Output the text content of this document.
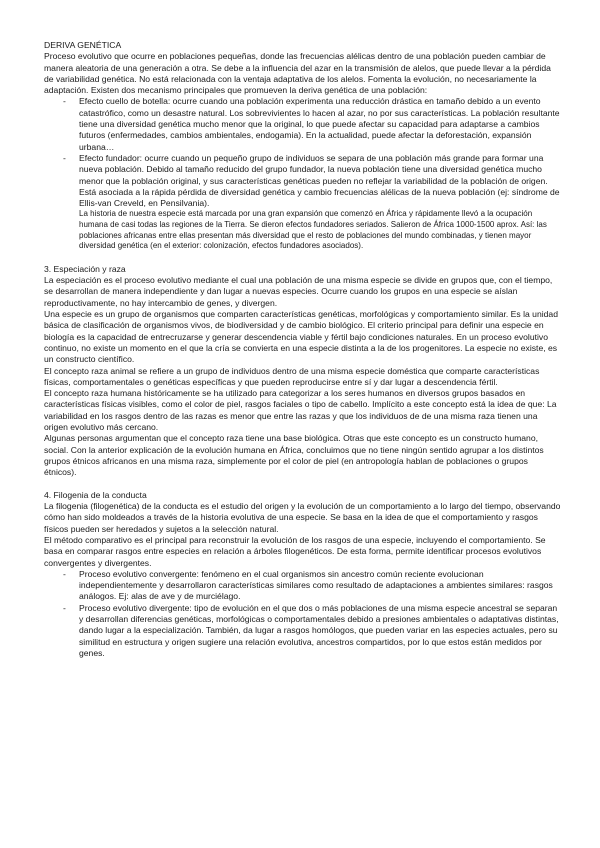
DERIVA GENÉTICA

Proceso evolutivo que ocurre en poblaciones pequeñas, donde las frecuencias alélicas dentro de una población pueden cambiar de manera aleatoria de una generación a otra. Se debe a la influencia del azar en la transmisión de alelos, que puede llevar a la pérdida de variabilidad genética. No está relacionada con la ventaja adaptativa de los alelos. Fomenta la evolución, no necesariamente la adaptación. Existen dos mecanismo principales que promueven la deriva genética de una población:

- Efecto cuello de botella: ocurre cuando una población experimenta una reducción drástica en tamaño debido a un evento catastrófico, como un desastre natural. Los sobrevivientes lo hacen al azar, no por sus características. La población resultante tiene una diversidad genética mucho menor que la original, lo que puede afectar su capacidad para adaptarse a cambios futuros (enfermedades, cambios ambientales, endogamia). En la actualidad, puede afectar la deforestación, expansión urbana…
- Efecto fundador: ocurre cuando un pequeño grupo de individuos se separa de una población más grande para formar una nueva población. Debido al tamaño reducido del grupo fundador, la nueva población tiene una diversidad genética mucho menor que la población original, y sus características genéticas pueden no reflejar la variabilidad de la población de origen. Está asociada a la rápida pérdida de diversidad genética y cambio frecuencias alélicas de la nueva población (ej: síndrome de Ellis-van Creveld, en Pensilvania).

La historia de nuestra especie está marcada por una gran expansión que comenzó en África y rápidamente llevó a la ocupación humana de casi todas las regiones de la Tierra. Se dieron efectos fundadores seriados. Salieron de África 1000-1500 aprox. Así: las poblaciones africanas entre ellas presentan más diversidad que el resto de poblaciones del mundo combinadas, y tienen mayor diversidad genética (en el exterior: colonización, efectos fundadores asociados).

3. Especiación y raza

La especiación es el proceso evolutivo mediante el cual una población de una misma especie se divide en grupos que, con el tiempo, se desarrollan de manera independiente y dan lugar a nuevas especies. Ocurre cuando los grupos en una especie se aíslan reproductivamente, no hay intercambio de genes, y divergen.

Una especie es un grupo de organismos que comparten características genéticas, morfológicas y comportamiento similar. Es la unidad básica de clasificación de organismos vivos, de biodiversidad y de cambio biológico. El criterio principal para definir una especie en biología es la capacidad de entrecruzarse y generar descendencia viable y fértil bajo condiciones naturales. En un proceso evolutivo continuo, no existe un momento en el que la cría se convierta en una especie distinta a la de los progenitores. La especie no existe, es un constructo científico.

El concepto raza animal se refiere a un grupo de individuos dentro de una misma especie doméstica que comparte características físicas, comportamentales o genéticas específicas y que pueden reproducirse entre sí y dar lugar a descendencia fértil.

El concepto raza humana históricamente se ha utilizado para categorizar a los seres humanos en diversos grupos basados en características físicas visibles, como el color de piel, rasgos faciales o tipo de cabello. Implícito a este concepto está la idea de que: La variabilidad en los rasgos dentro de las razas es menor que entre las razas y que los individuos de de una misma raza tienen una origen evolutivo más cercano.

Algunas personas argumentan que el concepto raza tiene una base biológica. Otras que este concepto es un constructo humano, social. Con la anterior explicación de la evolución humana en África, concluimos que no tiene ningún sentido agrupar a los distintos grupos étnicos africanos en una misma raza, simplemente por el color de piel (en antropología hablan de poblaciones o grupos étnicos).

4. Filogenia de la conducta

La filogenia (filogenética) de la conducta es el estudio del origen y la evolución de un comportamiento a lo largo del tiempo, observando cómo han sido moldeados a través de la historia evolutiva de una especie. Se basa en la idea de que el comportamiento y rasgos físicos pueden ser heredados y sujetos a la selección natural.

El método comparativo es el principal para reconstruir la evolución de los rasgos de una especie, incluyendo el comportamiento. Se basa en comparar rasgos entre especies en relación a árboles filogenéticos. De esta forma, permite identificar procesos evolutivos convergentes y divergentes.

- Proceso evolutivo convergente: fenómeno en el cual organismos sin ancestro común reciente evolucionan independientemente y desarrollaron características similares como resultado de adaptaciones a ambientes similares: rasgos análogos. Ej: alas de ave y de murciélago.
- Proceso evolutivo divergente: tipo de evolución en el que dos o más poblaciones de una misma especie ancestral se separan y desarrollan diferencias genéticas, morfológicas o comportamentales debido a presiones ambientales o adaptativas distintas, dando lugar a la especialización. También, da lugar a rasgos homólogos, que pueden variar en las especies actuales, pero su similitud en estructura y origen sugiere una relación evolutiva, ancestros compartidos, por lo que estos están medidos por genes.
